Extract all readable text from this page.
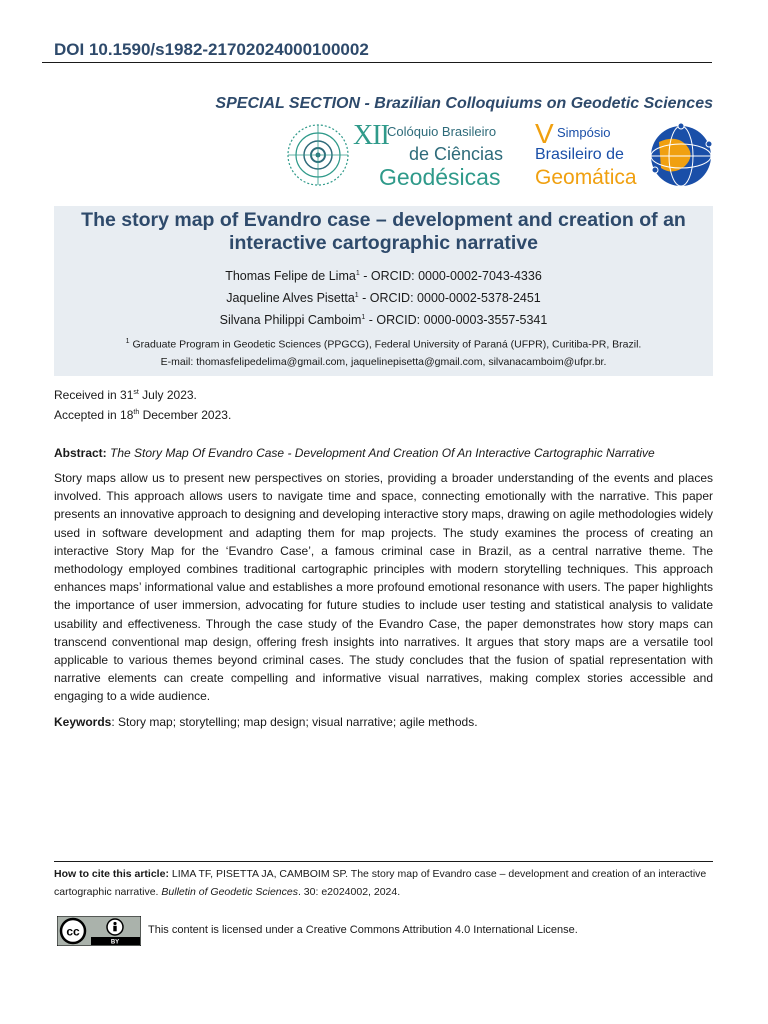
DOI 10.1590/s1982-21702024000100002
SPECIAL SECTION - Brazilian Colloquiums on Geodetic Sciences
XII
Colóquio Brasileiro
de Ciências
Geodésicas
V Simpósio
Brasileiro de
Geomática
The story map of Evandro case – development and creation of an
interactive cartographic narrative
Thomas Felipe de Lima$^1$ - ORCID: 0000-0002-7043-4336
Jaqueline Alves Pisetta$^1$ - ORCID: 0000-0002-5378-2451
Silvana Philippi Camboim$^1$ - ORCID: 0000-0003-3557-5341
$^1$ Graduate Program in Geodetic Sciences (PPGCG), Federal University of Paraná (UFPR), Curitiba-PR, Brazil.
E-mail: thomasfelipedelima@gmail.com, jaquelinepisetta@gmail.com, silvanacamboim@ufpr.br.
Received in 31st July 2023.
Accepted in 18th December 2023.
Abstract: The Story Map Of Evandro Case - Development And Creation Of An Interactive Cartographic Narrative
Story maps allow us to present new perspectives on stories, providing a broader understanding of the events and places involved. This approach allows users to navigate time and space, connecting emotionally with the narrative. This paper presents an innovative approach to designing and developing interactive story maps, drawing on agile methodologies widely used in software development and adapting them for map projects. The study examines the process of creating an interactive Story Map for the ‘Evandro Case’, a famous criminal case in Brazil, as a central narrative theme. The methodology employed combines traditional cartographic principles with modern storytelling techniques. This approach enhances maps’ informational value and establishes a more profound emotional resonance with users. The paper highlights the importance of user immersion, advocating for future studies to include user testing and statistical analysis to validate usability and effectiveness. Through the case study of the Evandro Case, the paper demonstrates how story maps can transcend conventional map design, offering fresh insights into narratives. It argues that story maps are a versatile tool applicable to various themes beyond criminal cases. The study concludes that the fusion of spatial representation with narrative elements can create compelling and informative visual narratives, making complex stories accessible and engaging to a wide audience.
Keywords: Story map; storytelling; map design; visual narrative; agile methods.
How to cite this article: LIMA TF, PISETTA JA, CAMBOIM SP. The story map of Evandro case – development and creation of an interactive cartographic narrative. Bulletin of Geodetic Sciences. 30: e2024002, 2024.
cc
BY
This content is licensed under a Creative Commons Attribution 4.0 International License.
